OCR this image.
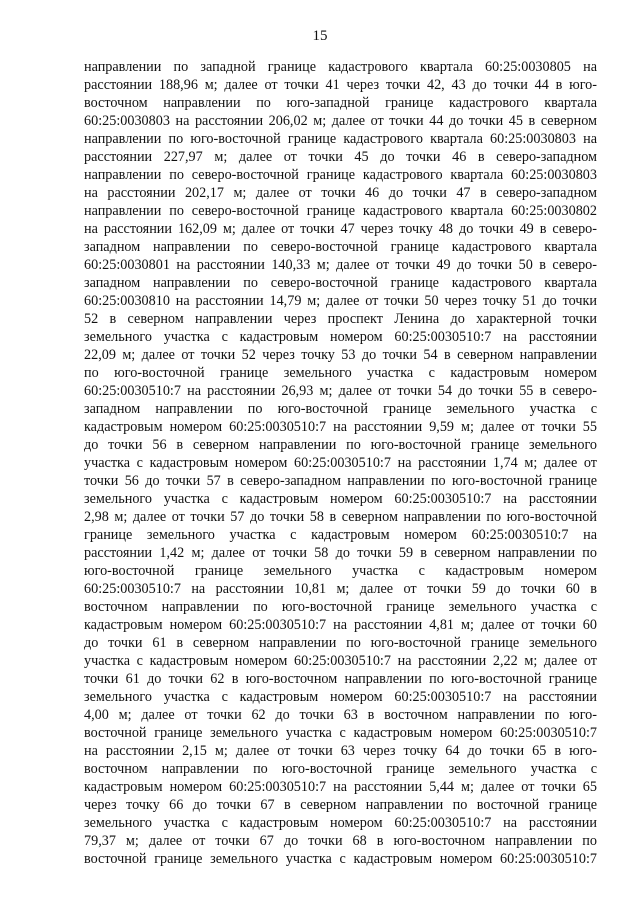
15
направлении по западной границе кадастрового квартала 60:25:0030805 на
расстоянии 188,96 м; далее от точки 41 через точки 42, 43 до точки 44 в юго-
восточном направлении по юго-западной границе кадастрового квартала
60:25:0030803 на расстоянии 206,02 м; далее от точки 44 до точки 45 в северном
направлении по юго-восточной границе кадастрового квартала 60:25:0030803 на
расстоянии 227,97 м; далее от точки 45 до точки 46 в северо-западном
направлении по северо-восточной границе кадастрового квартала 60:25:0030803
на расстоянии 202,17 м; далее от точки 46 до точки 47 в северо-западном
направлении по северо-восточной границе кадастрового квартала 60:25:0030802
на расстоянии 162,09 м; далее от точки 47 через точку 48 до точки 49 в северо-
западном направлении по северо-восточной границе кадастрового квартала
60:25:0030801 на расстоянии 140,33 м; далее от точки 49 до точки 50 в северо-
западном направлении по северо-восточной границе кадастрового квартала
60:25:0030810 на расстоянии 14,79 м; далее от точки 50 через точку 51 до точки
52 в северном направлении через проспект Ленина до характерной точки
земельного участка с кадастровым номером 60:25:0030510:7 на расстоянии
22,09 м; далее от точки 52 через точку 53 до точки 54 в северном направлении
по юго-восточной границе земельного участка с кадастровым номером
60:25:0030510:7 на расстоянии 26,93 м; далее от точки 54 до точки 55 в северо-
западном направлении по юго-восточной границе земельного участка с
кадастровым номером 60:25:0030510:7 на расстоянии 9,59 м; далее от точки 55
до точки 56 в северном направлении по юго-восточной границе земельного
участка с кадастровым номером 60:25:0030510:7 на расстоянии 1,74 м; далее от
точки 56 до точки 57 в северо-западном направлении по юго-восточной границе
земельного участка с кадастровым номером 60:25:0030510:7 на расстоянии
2,98 м; далее от точки 57 до точки 58 в северном направлении по юго-восточной
границе земельного участка с кадастровым номером 60:25:0030510:7 на
расстоянии 1,42 м; далее от точки 58 до точки 59 в северном направлении по
юго-восточной границе земельного участка с кадастровым номером
60:25:0030510:7 на расстоянии 10,81 м; далее от точки 59 до точки 60 в
восточном направлении по юго-восточной границе земельного участка с
кадастровым номером 60:25:0030510:7 на расстоянии 4,81 м; далее от точки 60
до точки 61 в северном направлении по юго-восточной границе земельного
участка с кадастровым номером 60:25:0030510:7 на расстоянии 2,22 м; далее от
точки 61 до точки 62 в юго-восточном направлении по юго-восточной границе
земельного участка с кадастровым номером 60:25:0030510:7 на расстоянии
4,00 м; далее от точки 62 до точки 63 в восточном направлении по юго-
восточной границе земельного участка с кадастровым номером 60:25:0030510:7
на расстоянии 2,15 м; далее от точки 63 через точку 64 до точки 65 в юго-
восточном направлении по юго-восточной границе земельного участка с
кадастровым номером 60:25:0030510:7 на расстоянии 5,44 м; далее от точки 65
через точку 66 до точки 67 в северном направлении по восточной границе
земельного участка с кадастровым номером 60:25:0030510:7 на расстоянии
79,37 м; далее от точки 67 до точки 68 в юго-восточном направлении по
восточной границе земельного участка с кадастровым номером 60:25:0030510:7
